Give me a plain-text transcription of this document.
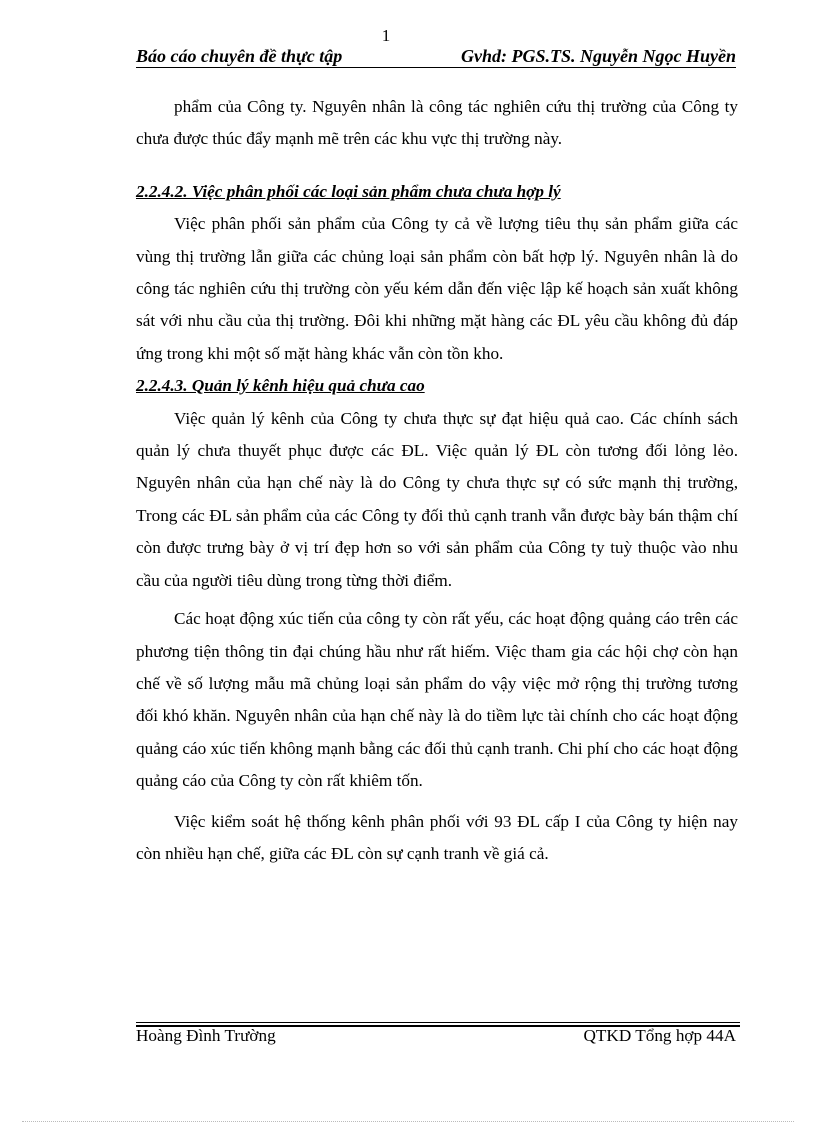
1
Báo cáo chuyên đề thực tập	Gvhd: PGS.TS. Nguyễn Ngọc Huyền

phẩm của Công ty. Nguyên nhân là công tác nghiên cứu thị trường của Công ty chưa được thúc đẩy mạnh mẽ trên các khu vực thị trường này.

2.2.4.2. Việc phân phối các loại sản phẩm chưa chưa hợp lý

Việc phân phối sản phẩm của Công ty cả về lượng tiêu thụ sản phẩm giữa các vùng thị trường lẫn giữa các chủng loại sản phẩm còn bất hợp lý. Nguyên nhân là do công tác nghiên cứu thị trường còn yếu kém dẫn đến việc lập kế hoạch sản xuất không sát với nhu cầu của thị trường. Đôi khi những mặt hàng các ĐL yêu cầu không đủ đáp ứng trong khi một số mặt hàng khác vẫn còn tồn kho.

2.2.4.3. Quản lý kênh hiệu quả chưa cao

Việc quản lý kênh của Công ty chưa thực sự đạt hiệu quả cao. Các chính sách quản lý chưa thuyết phục được các ĐL. Việc quản lý ĐL còn tương đối lỏng lẻo. Nguyên nhân của hạn chế này là do Công ty chưa thực sự có sức mạnh thị trường, Trong các ĐL sản phẩm của các Công ty đối thủ cạnh tranh vẫn được bày bán thậm chí còn được trưng bày ở vị trí đẹp hơn so với sản phẩm của Công ty tuỳ thuộc vào nhu cầu của người tiêu dùng trong từng thời điểm.

Các hoạt động xúc tiến của công ty còn rất yếu, các hoạt động quảng cáo trên các phương tiện thông tin đại chúng hầu như rất hiếm. Việc tham gia các hội chợ còn hạn chế về số lượng mẫu mã chủng loại sản phẩm do vậy việc mở rộng thị trường tương đối khó khăn. Nguyên nhân của hạn chế này là do tiềm lực tài chính cho các hoạt động quảng cáo xúc tiến không mạnh bằng các đối thủ cạnh tranh. Chi phí cho các hoạt động quảng cáo của Công ty còn rất khiêm tốn.

Việc kiểm soát hệ thống kênh phân phối với 93 ĐL cấp I của Công ty hiện nay còn nhiều hạn chế, giữa các ĐL còn sự cạnh tranh về giá cả.

Hoàng Đình Trường	QTKD Tổng hợp 44A
